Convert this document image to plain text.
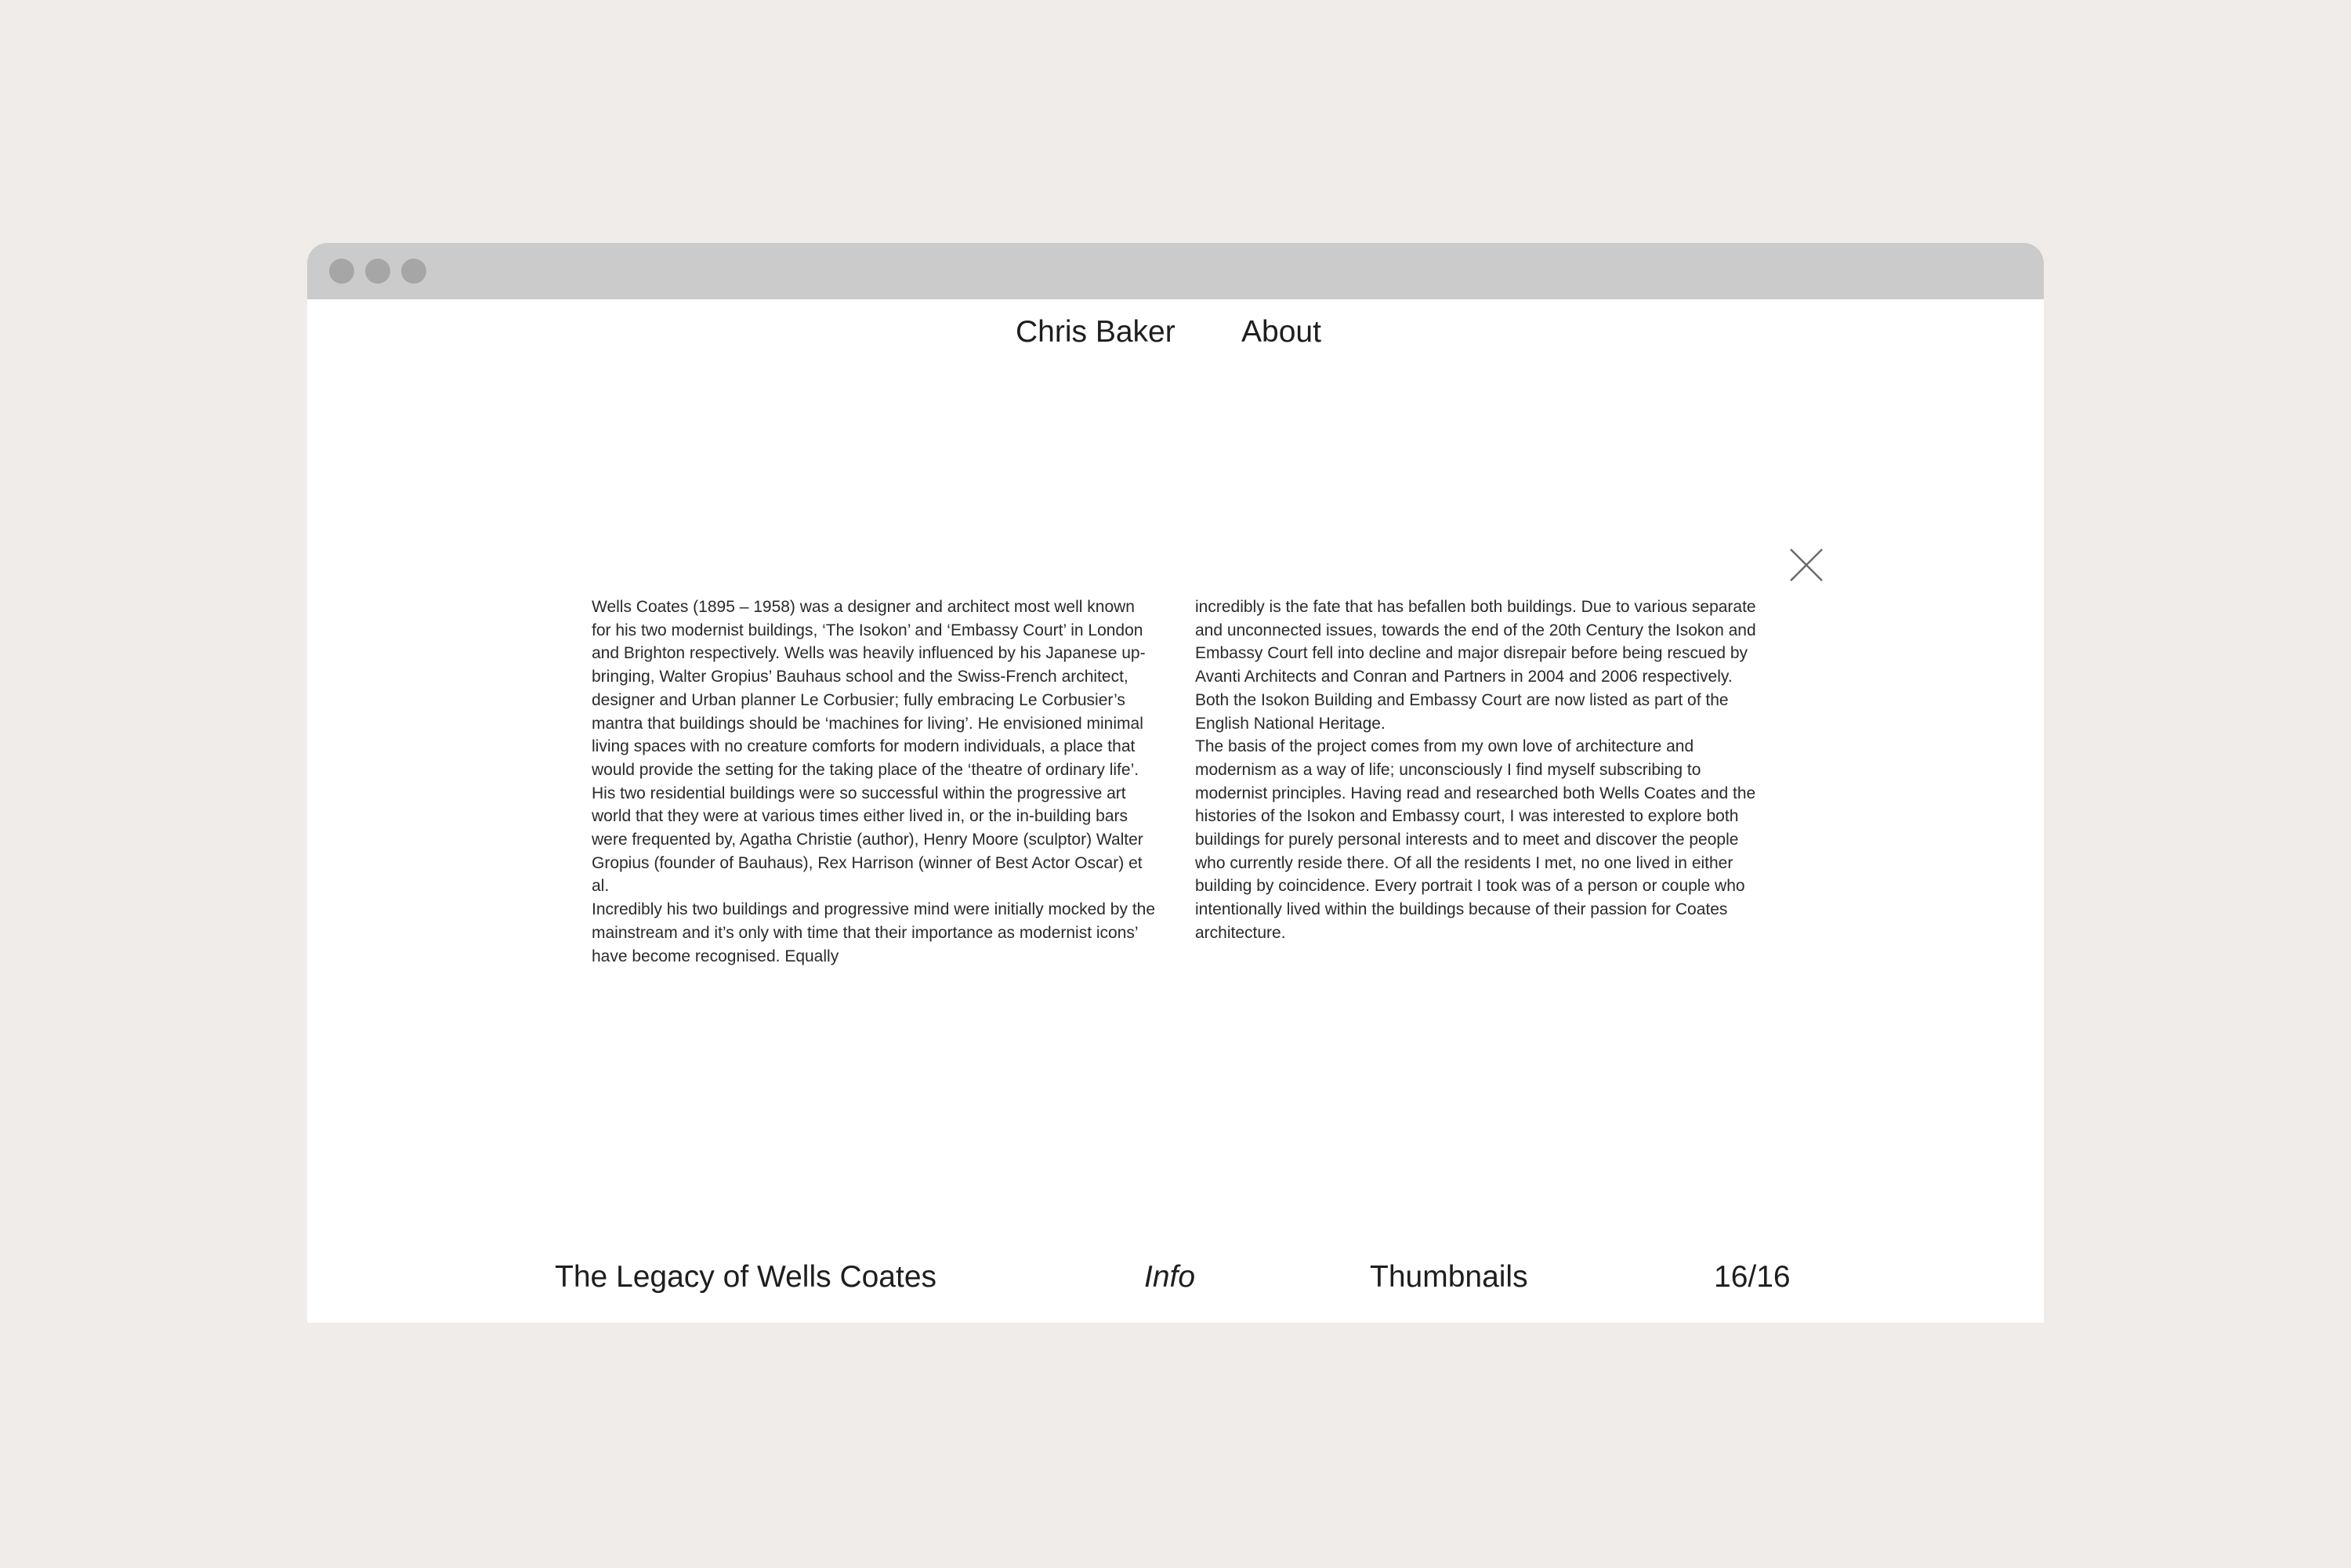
Chris Baker About

Wells Coates (1895 – 1958) was a designer and architect most well known for his two modernist buildings, ‘The Isokon’ and ‘Embassy Court’ in London and Brighton respectively. Wells was heavily influenced by his Japanese up-bringing, Walter Gropius’ Bauhaus school and the Swiss-French architect, designer and Urban planner Le Corbusier; fully embracing Le Corbusier’s mantra that buildings should be ‘machines for living’. He envisioned minimal living spaces with no creature comforts for modern individuals, a place that would provide the setting for the taking place of the ‘theatre of ordinary life’. His two residential buildings were so successful within the progressive art world that they were at various times either lived in, or the in-building bars were frequented by, Agatha Christie (author), Henry Moore (sculptor) Walter Gropius (founder of Bauhaus), Rex Harrison (winner of Best Actor Oscar) et al.

Incredibly his two buildings and progressive mind were initially mocked by the mainstream and it’s only with time that their importance as modernist icons’ have become recognised. Equally

incredibly is the fate that has befallen both buildings. Due to various separate and unconnected issues, towards the end of the 20th Century the Isokon and Embassy Court fell into decline and major disrepair before being rescued by Avanti Architects and Conran and Partners in 2004 and 2006 respectively. Both the Isokon Building and Embassy Court are now listed as part of the English National Heritage.

The basis of the project comes from my own love of architecture and modernism as a way of life; unconsciously I find myself subscribing to modernist principles. Having read and researched both Wells Coates and the histories of the Isokon and Embassy court, I was interested to explore both buildings for purely personal interests and to meet and discover the people who currently reside there. Of all the residents I met, no one lived in either building by coincidence. Every portrait I took was of a person or couple who intentionally lived within the buildings because of their passion for Coates architecture.

The Legacy of Wells Coates	Info	Thumbnails	16/16
